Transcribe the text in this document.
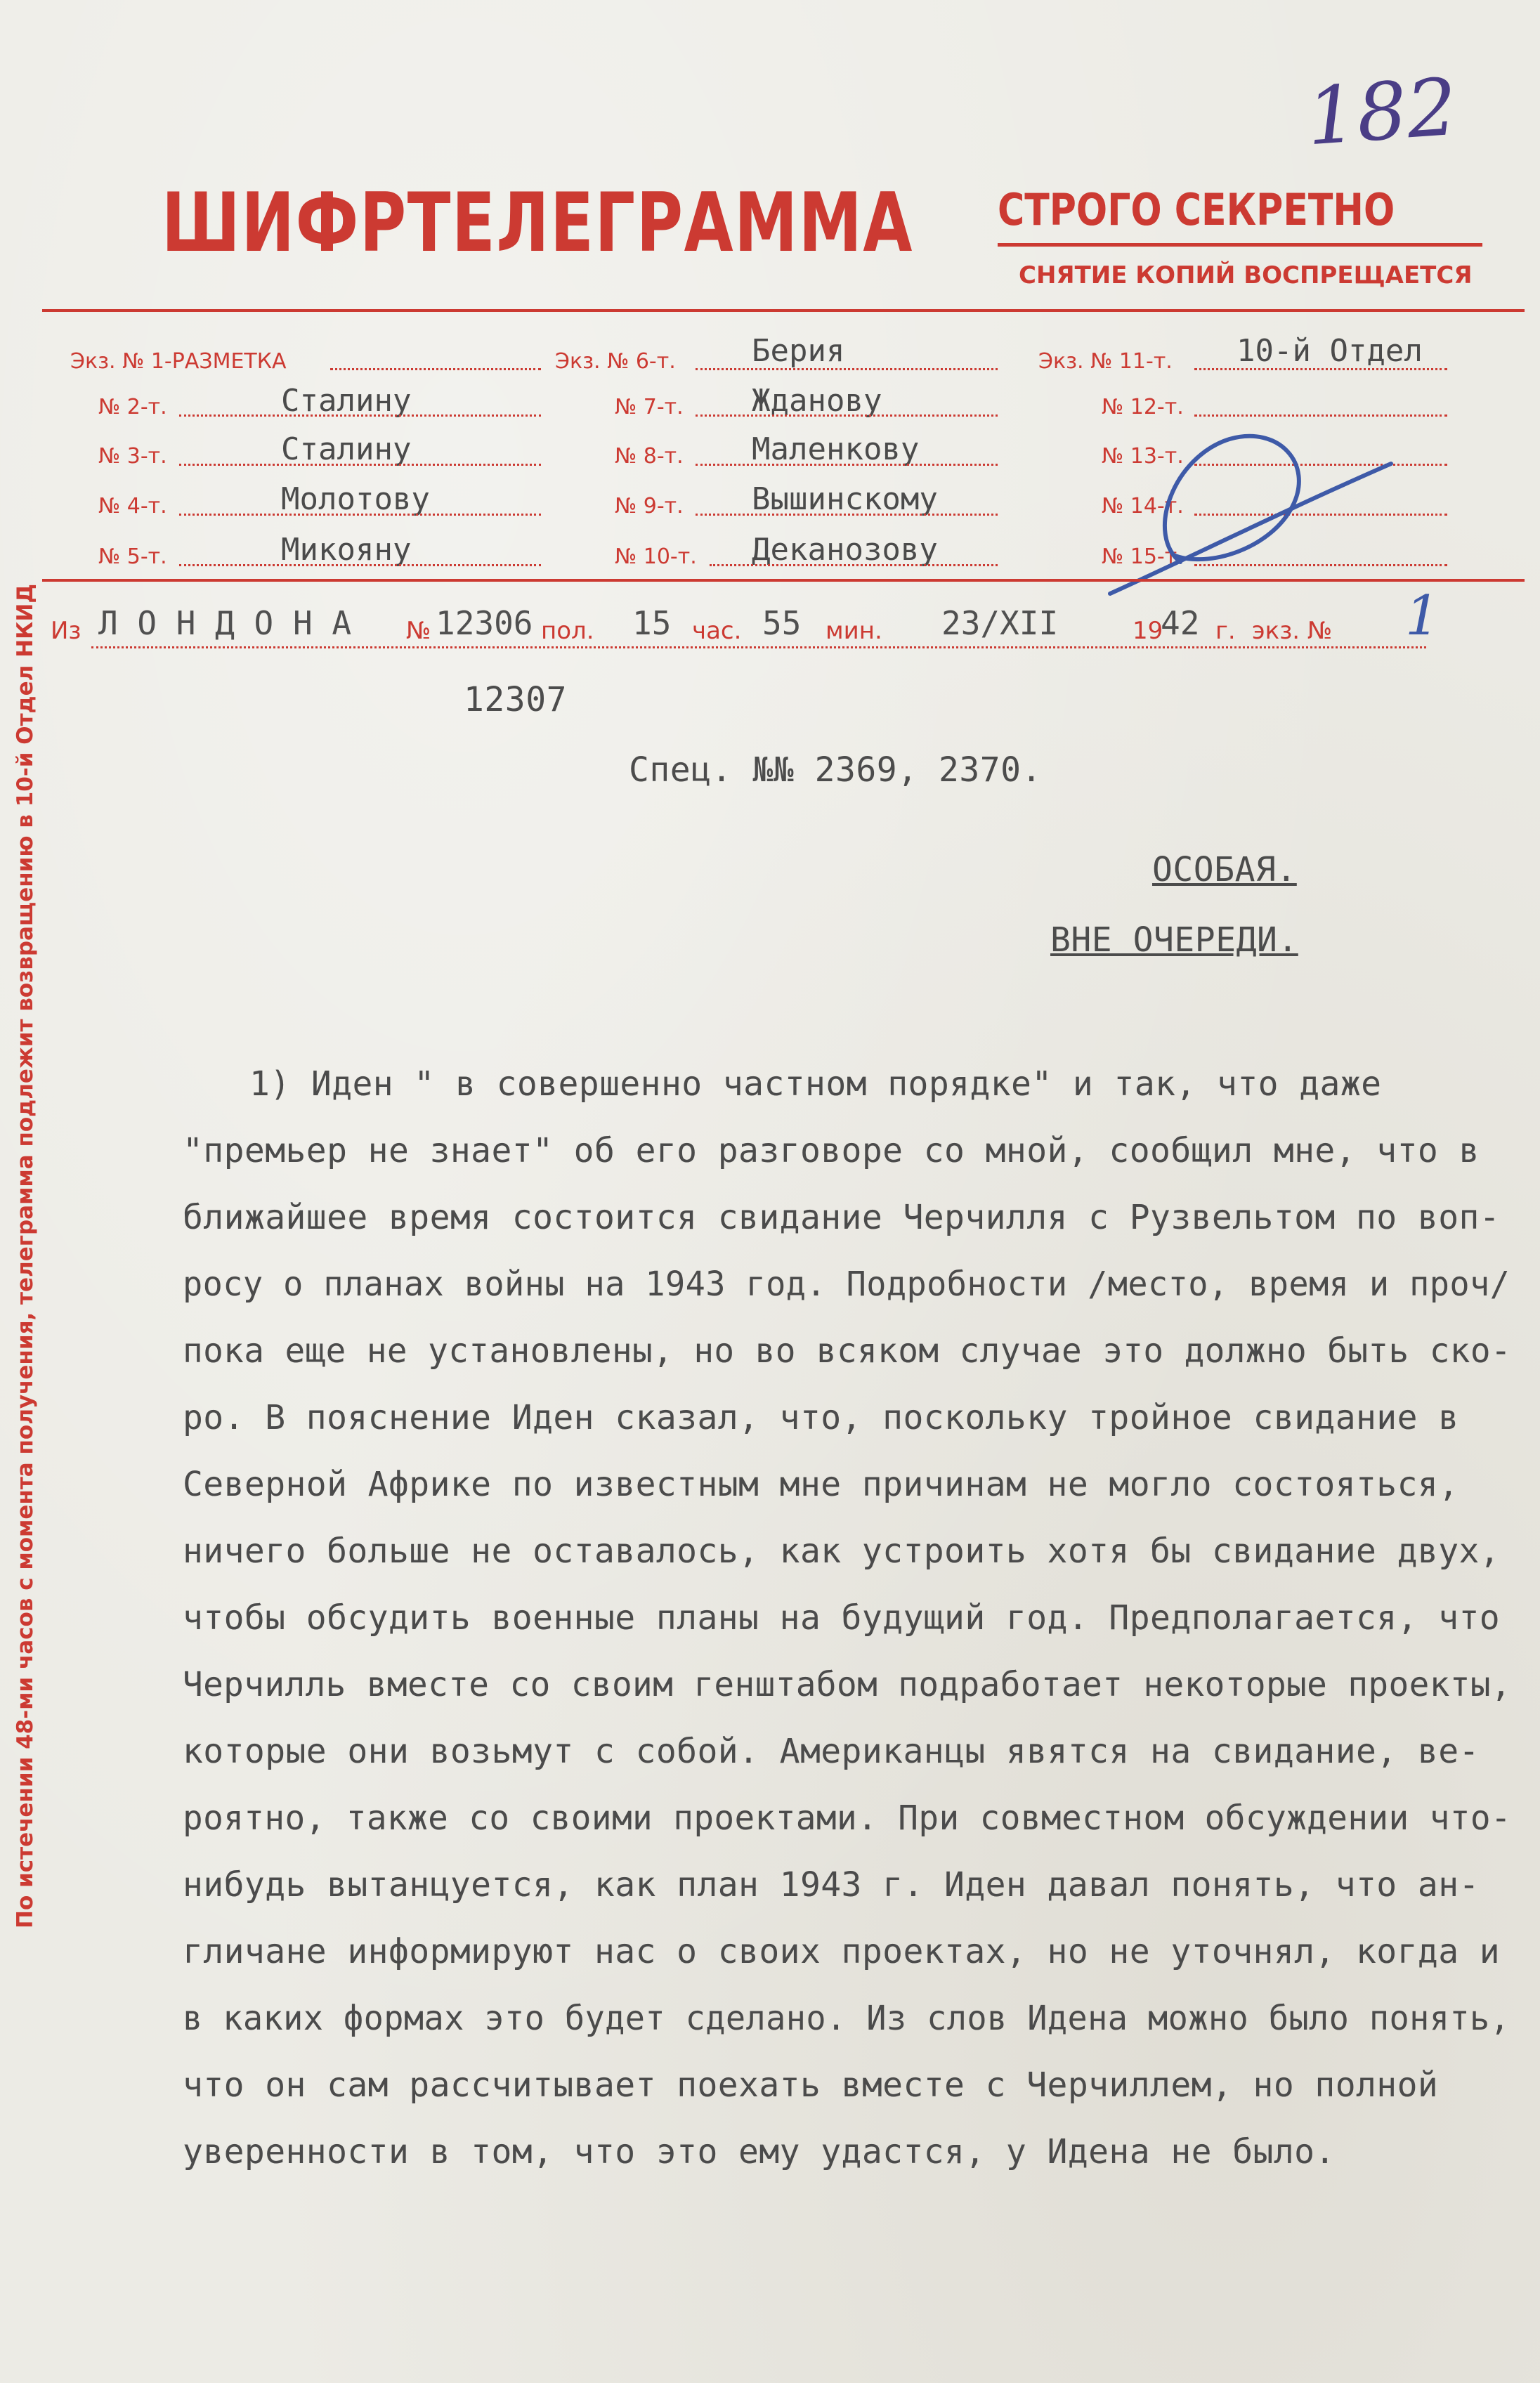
182
ШИФРТЕЛЕГРАММА СТРОГО СЕКРЕТНО
СНЯТИЕ КОПИЙ ВОСПРЕЩАЕТСЯ
Экз. № 1-РАЗМЕТКА
№ 2-т.	Сталину
№ 3-т.	Сталину
№ 4-т.	Молотову
№ 5-т.	Микояну
Экз. № 6-т. Берия
№ 7-т. Жданову
№ 8-т. Маленкову
№ 9-т. Вышинскому
№ 10-т. Деканозову
Экз. № 11-т. 10-й Отдел
№ 12-т.
№ 13-т.
№ 14-т.
№ 15-т.
Из Л О Н Д О Н А № 12306 пол. 15 час. 55 мин. 23/XII	19
42 г. экз. № 1
12307
Спец. №№ 2369, 2370.
ОСОБАЯ.
ВНЕ ОЧЕРЕДИ.
1) Иден " в совершенно частном порядке" и так, что даже
"премьер не знает" об его разговоре со мной, сообщил мне, что в
ближайшее время состоится свидание Черчилля с Рузвельтом по воп-
росу о планах войны на 1943 год. Подробности /место, время и проч/
пока еще не установлены, но во всяком случае это должно быть ско-
ро. В пояснение Иден сказал, что, поскольку тройное свидание в
Северной Африке по известным мне причинам не могло состояться,
ничего больше не оставалось, как устроить хотя бы свидание двух,
чтобы обсудить военные планы на будущий год. Предполагается, что
Черчилль вместе со своим генштабом подработает некоторые проекты,
которые они возьмут с собой. Американцы явятся на свидание, ве-
роятно, также со своими проектами. При совместном обсуждении что-
нибудь вытанцуется, как план 1943 г. Иден давал понять, что ан-
гличане информируют нас о своих проектах, но не уточнял, когда и
в каких формах это будет сделано. Из слов Идена можно было понять,
что он сам рассчитывает поехать вместе с Черчиллем, но полной
уверенности в том, что это ему удастся, у Идена не было.
По истечении 48-ми часов с момента получения, телеграмма подлежит возвращению в 10-й Отдел НКИД
